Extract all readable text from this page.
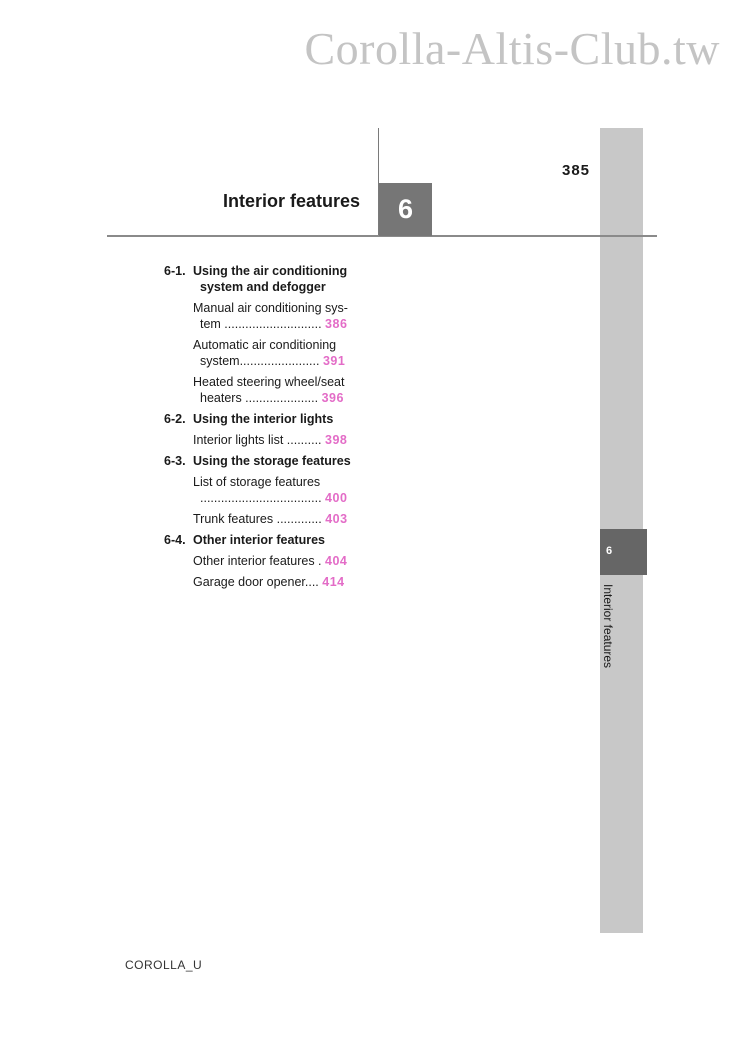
Corolla-Altis-Club.tw
385
Interior features 6
6-1. Using the air conditioning
system and defogger
Manual air conditioning sys-
tem ............................ 386
Automatic air conditioning
system....................... 391
Heated steering wheel/seat
heaters ..................... 396
6-2. Using the interior lights
Interior lights list .......... 398
6-3. Using the storage features
List of storage features
................................... 400
Trunk features ............. 403
6-4. Other interior features
Other interior features . 404
Garage door opener.... 414
6
Interior features
COROLLA_U
